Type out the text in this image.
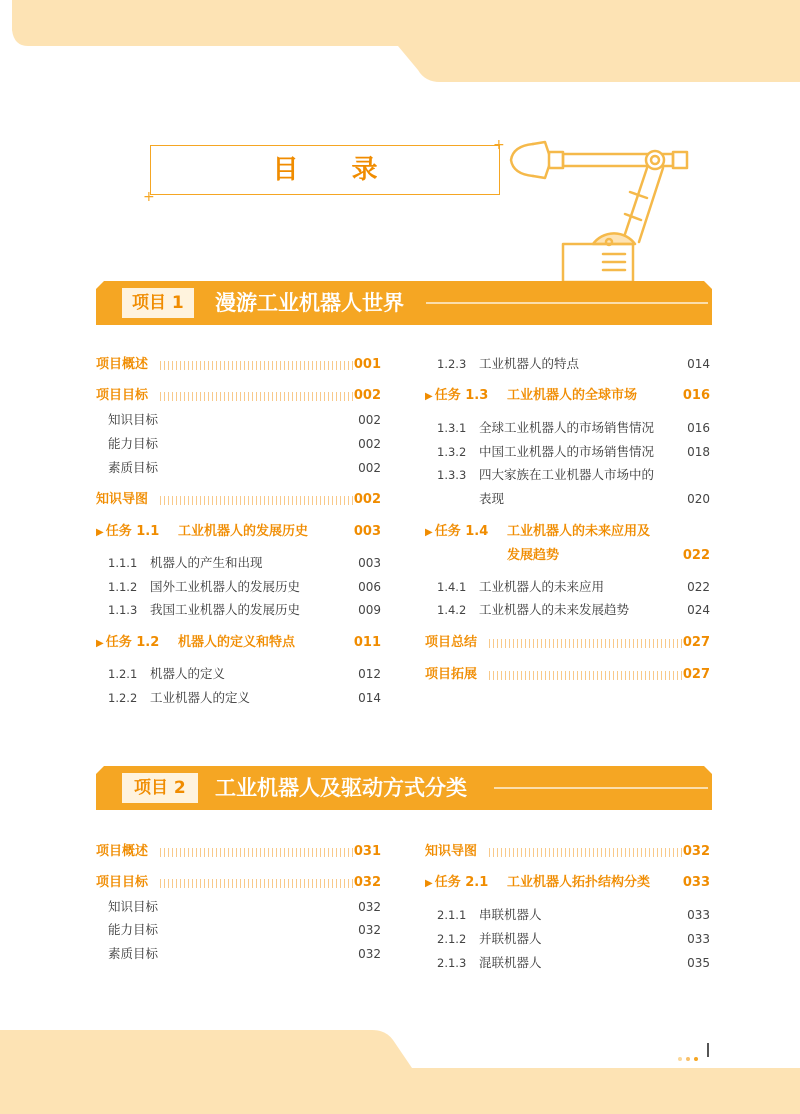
目 录
+
+
项目 1	漫游工业机器人世界
项目 2	工业机器人及驱动方式分类
项目概述	001
项目目标	002
知识目标	002
能力目标	002
素质目标	002
知识导图	002
▶ 任务 1.1 工业机器人的发展历史	003
1.1.1 机器人的产生和出现	003
1.1.2 国外工业机器人的发展历史	006
1.1.3 我国工业机器人的发展历史	009
▶ 任务 1.2 机器人的定义和特点	011
1.2.1 机器人的定义	012
1.2.2 工业机器人的定义	014
1.2.3 工业机器人的特点	014
▶ 任务 1.3 工业机器人的全球市场	016
1.3.1 全球工业机器人的市场销售情况	016
1.3.2 中国工业机器人的市场销售情况	018
1.3.3 四大家族在工业机器人市场中的
表现	020
▶ 任务 1.4 工业机器人的未来应用及
发展趋势	022
1.4.1 工业机器人的未来应用	022
1.4.2 工业机器人的未来发展趋势	024
项目总结	027
项目拓展	027
项目概述	031
项目目标	032
知识目标	032
能力目标	032
素质目标	032
知识导图	032
▶ 任务 2.1 工业机器人拓扑结构分类	033
2.1.1 串联机器人	033
2.1.2 并联机器人	033
2.1.3 混联机器人	035
